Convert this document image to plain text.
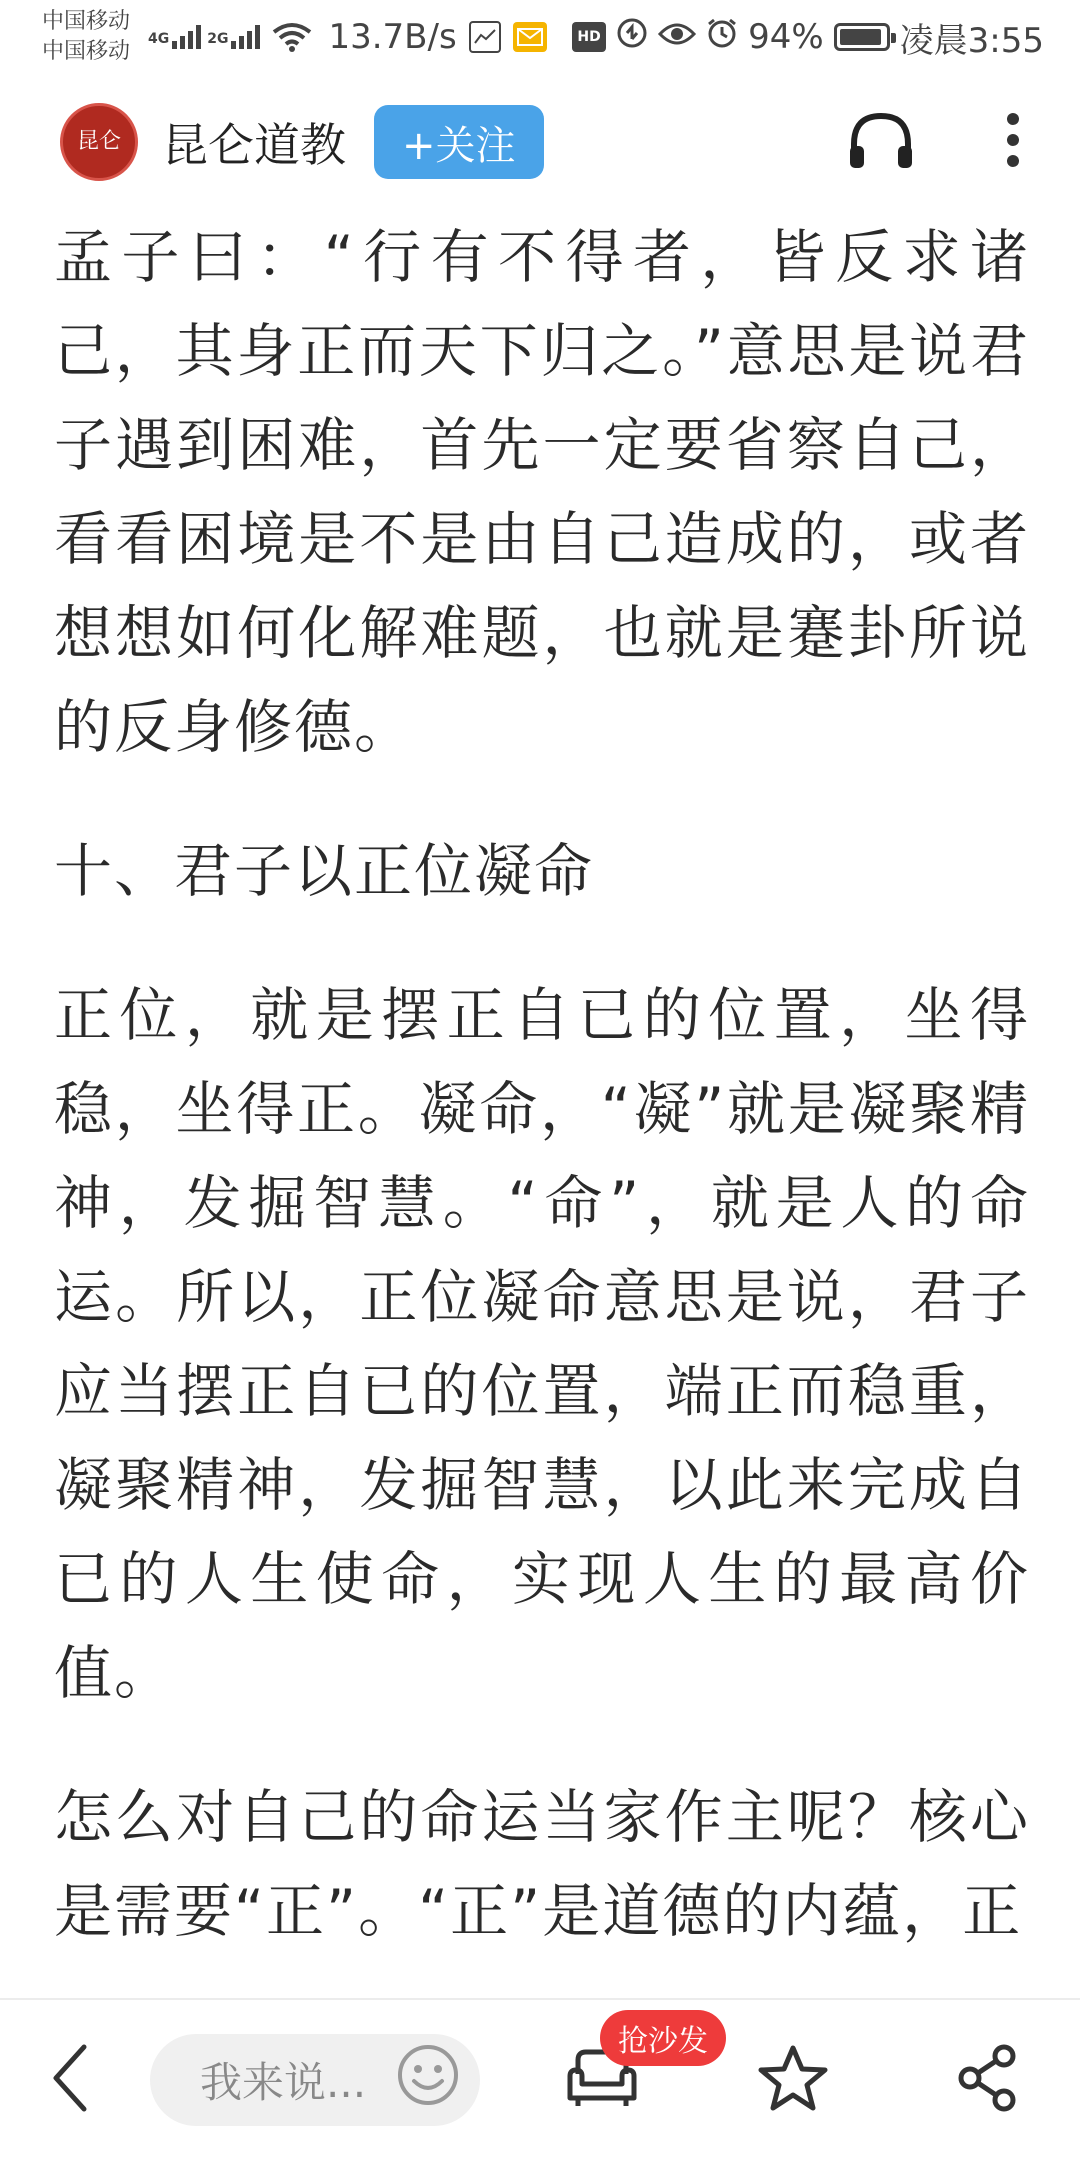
中国移动
中国移动	4G	2G	13.7B/s	HD	94% 凌晨3:55
昆仑 昆仑道教	+关注

孟子曰：“行有不得者，皆反求诸己，其身正而天下归之。”意思是说君子遇到困难，首先一定要省察自己，看看困境是不是由自己造成的，或者想想如何化解难题，也就是蹇卦所说的反身修德。

十、君子以正位凝命

正位，就是摆正自已的位置，坐得稳，坐得正。凝命，“凝”就是凝聚精神，发掘智慧。“命”，就是人的命运。所以，正位凝命意思是说，君子应当摆正自已的位置，端正而稳重，凝聚精神，发掘智慧，以此来完成自已的人生使命，实现人生的最高价值。

怎么对自己的命运当家作主呢？核心是需要“正”。“正”是道德的内蕴，正

我来说...
抢沙发
